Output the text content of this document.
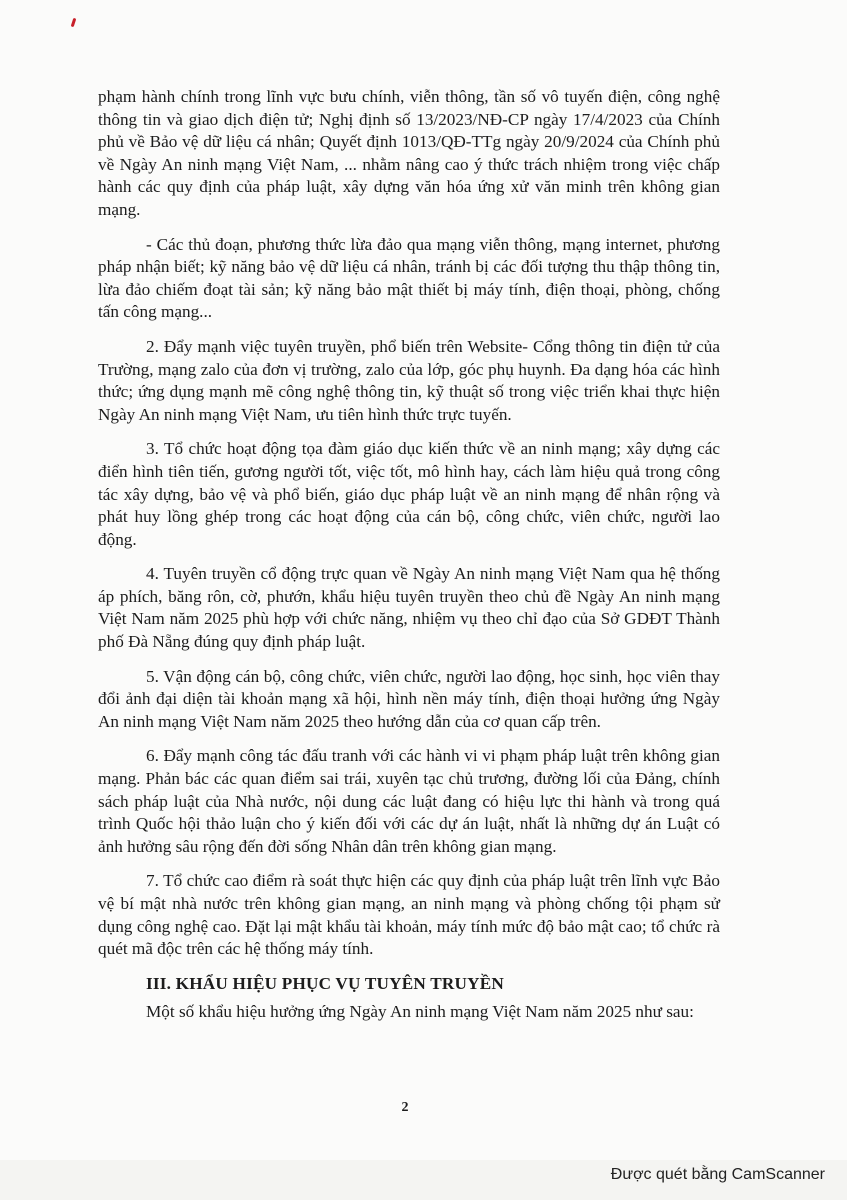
phạm hành chính trong lĩnh vực bưu chính, viễn thông, tần số vô tuyến điện, công nghệ thông tin và giao dịch điện tử; Nghị định số 13/2023/NĐ-CP ngày 17/4/2023 của Chính phủ về Bảo vệ dữ liệu cá nhân; Quyết định 1013/QĐ-TTg ngày 20/9/2024 của Chính phủ về Ngày An ninh mạng Việt Nam, ... nhằm nâng cao ý thức trách nhiệm trong việc chấp hành các quy định của pháp luật, xây dựng văn hóa ứng xử văn minh trên không gian mạng.

- Các thủ đoạn, phương thức lừa đảo qua mạng viễn thông, mạng internet, phương pháp nhận biết; kỹ năng bảo vệ dữ liệu cá nhân, tránh bị các đối tượng thu thập thông tin, lừa đảo chiếm đoạt tài sản; kỹ năng bảo mật thiết bị máy tính, điện thoại, phòng, chống tấn công mạng...

2. Đẩy mạnh việc tuyên truyền, phổ biến trên Website- Cổng thông tin điện tử của Trường, mạng zalo của đơn vị trường, zalo của lớp, góc phụ huynh. Đa dạng hóa các hình thức; ứng dụng mạnh mẽ công nghệ thông tin, kỹ thuật số trong việc triển khai thực hiện Ngày An ninh mạng Việt Nam, ưu tiên hình thức trực tuyến.

3. Tổ chức hoạt động tọa đàm giáo dục kiến thức về an ninh mạng; xây dựng các điển hình tiên tiến, gương người tốt, việc tốt, mô hình hay, cách làm hiệu quả trong công tác xây dựng, bảo vệ và phổ biến, giáo dục pháp luật về an ninh mạng để nhân rộng và phát huy lồng ghép trong các hoạt động của cán bộ, công chức, viên chức, người lao động.

4. Tuyên truyền cổ động trực quan về Ngày An ninh mạng Việt Nam qua hệ thống áp phích, băng rôn, cờ, phướn, khẩu hiệu tuyên truyền theo chủ đề Ngày An ninh mạng Việt Nam năm 2025 phù hợp với chức năng, nhiệm vụ theo chỉ đạo của Sở GDĐT Thành phố Đà Nẵng đúng quy định pháp luật.

5. Vận động cán bộ, công chức, viên chức, người lao động, học sinh, học viên thay đổi ảnh đại diện tài khoản mạng xã hội, hình nền máy tính, điện thoại hưởng ứng Ngày An ninh mạng Việt Nam năm 2025 theo hướng dẫn của cơ quan cấp trên.

6. Đẩy mạnh công tác đấu tranh với các hành vi vi phạm pháp luật trên không gian mạng. Phản bác các quan điểm sai trái, xuyên tạc chủ trương, đường lối của Đảng, chính sách pháp luật của Nhà nước, nội dung các luật đang có hiệu lực thi hành và trong quá trình Quốc hội thảo luận cho ý kiến đối với các dự án luật, nhất là những dự án Luật có ảnh hưởng sâu rộng đến đời sống Nhân dân trên không gian mạng.

7. Tổ chức cao điểm rà soát thực hiện các quy định của pháp luật trên lĩnh vực Bảo vệ bí mật nhà nước trên không gian mạng, an ninh mạng và phòng chống tội phạm sử dụng công nghệ cao. Đặt lại mật khẩu tài khoản, máy tính mức độ bảo mật cao; tổ chức rà quét mã độc trên các hệ thống máy tính.

III. KHẨU HIỆU PHỤC VỤ TUYÊN TRUYỀN

Một số khẩu hiệu hưởng ứng Ngày An ninh mạng Việt Nam năm 2025 như sau:

2
Được quét bằng CamScanner
